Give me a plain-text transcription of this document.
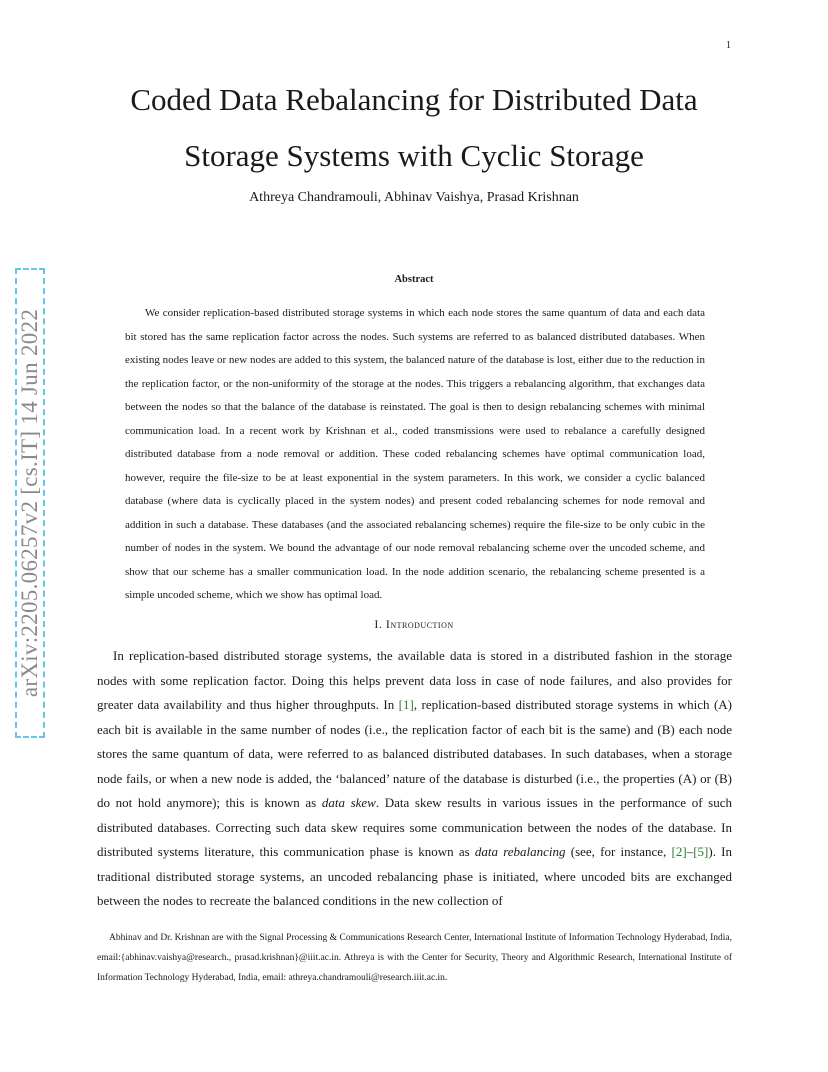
1
arXiv:2205.06257v2 [cs.IT] 14 Jun 2022
Coded Data Rebalancing for Distributed Data Storage Systems with Cyclic Storage
Athreya Chandramouli, Abhinav Vaishya, Prasad Krishnan
Abstract

We consider replication-based distributed storage systems in which each node stores the same quantum of data and each data bit stored has the same replication factor across the nodes. Such systems are referred to as balanced distributed databases. When existing nodes leave or new nodes are added to this system, the balanced nature of the database is lost, either due to the reduction in the replication factor, or the non-uniformity of the storage at the nodes. This triggers a rebalancing algorithm, that exchanges data between the nodes so that the balance of the database is reinstated. The goal is then to design rebalancing schemes with minimal communication load. In a recent work by Krishnan et al., coded transmissions were used to rebalance a carefully designed distributed database from a node removal or addition. These coded rebalancing schemes have optimal communication load, however, require the file-size to be at least exponential in the system parameters. In this work, we consider a cyclic balanced database (where data is cyclically placed in the system nodes) and present coded rebalancing schemes for node removal and addition in such a database. These databases (and the associated rebalancing schemes) require the file-size to be only cubic in the number of nodes in the system. We bound the advantage of our node removal rebalancing scheme over the uncoded scheme, and show that our scheme has a smaller communication load. In the node addition scenario, the rebalancing scheme presented is a simple uncoded scheme, which we show has optimal load.

I. Introduction

In replication-based distributed storage systems, the available data is stored in a distributed fashion in the storage nodes with some replication factor. Doing this helps prevent data loss in case of node failures, and also provides for greater data availability and thus higher throughputs. In [1], replication-based distributed storage systems in which (A) each bit is available in the same number of nodes (i.e., the replication factor of each bit is the same) and (B) each node stores the same quantum of data, were referred to as balanced distributed databases. In such databases, when a storage node fails, or when a new node is added, the ‘balanced’ nature of the database is disturbed (i.e., the properties (A) or (B) do not hold anymore); this is known as data skew. Data skew results in various issues in the performance of such distributed databases. Correcting such data skew requires some communication between the nodes of the database. In distributed systems literature, this communication phase is known as data rebalancing (see, for instance, [2]–[5]). In traditional distributed storage systems, an uncoded rebalancing phase is initiated, where uncoded bits are exchanged between the nodes to recreate the balanced conditions in the new collection of

Abhinav and Dr. Krishnan are with the Signal Processing & Communications Research Center, International Institute of Information Technology Hyderabad, India, email:{abhinav.vaishya@research., prasad.krishnan}@iiit.ac.in. Athreya is with the Center for Security, Theory and Algorithmic Research, International Institute of Information Technology Hyderabad, India, email: athreya.chandramouli@research.iiit.ac.in.
